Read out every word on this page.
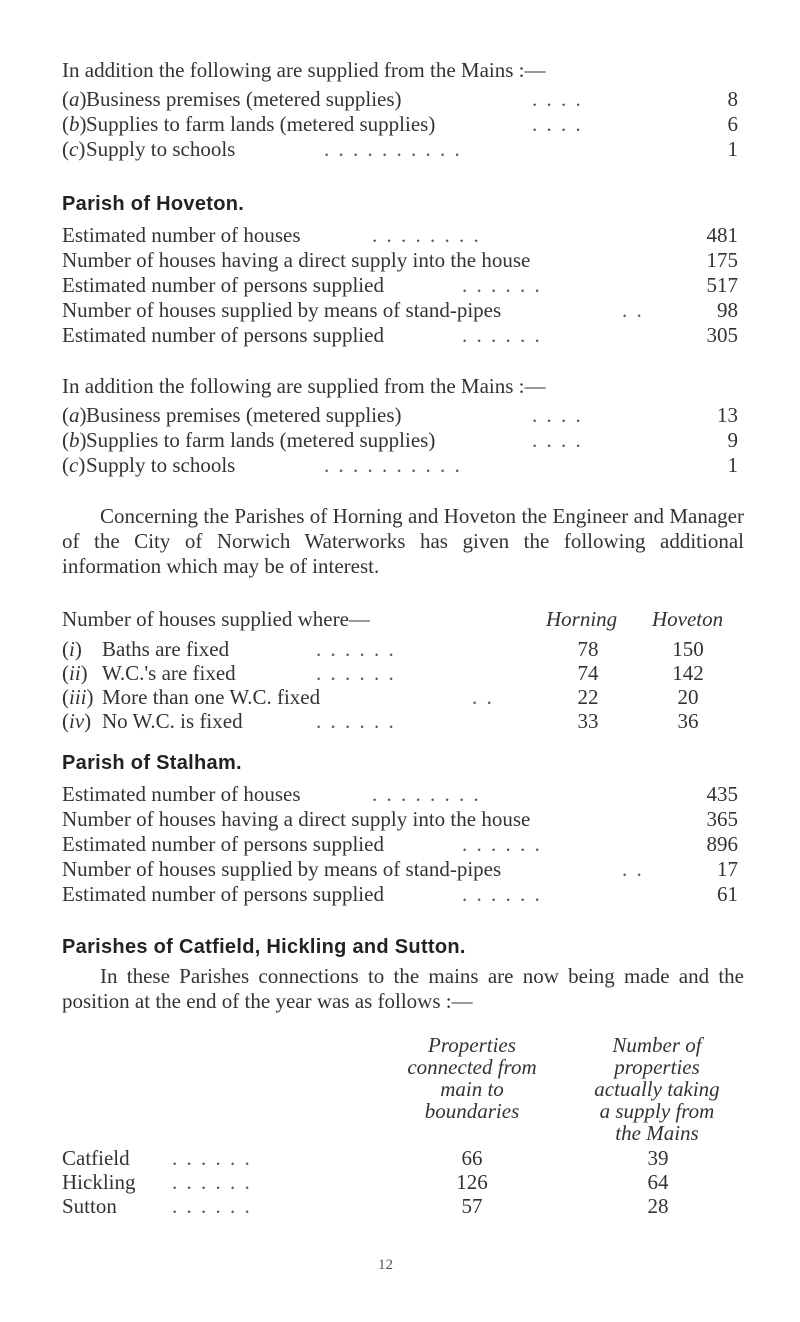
In addition the following are supplied from the Mains :—

(a)Business premises (metered supplies)	. . . .	8
(b)Supplies to farm lands (metered supplies)	. . . .	6
(c)Supply to schools	. . . . . . . . . .	1

Parish of Hoveton.

Estimated number of houses	. . . . . . . .	481
Number of houses having a direct supply into the house	175
Estimated number of persons supplied	. . . . . .	517
Number of houses supplied by means of stand-pipes	. .	98
Estimated number of persons supplied	. . . . . .	305

In addition the following are supplied from the Mains :—

(a)Business premises (metered supplies)	. . . .	13
(b)Supplies to farm lands (metered supplies)	. . . .	9
(c)Supply to schools	. . . . . . . . . .	1

Concerning the Parishes of Horning and Hoveton the Engineer and Manager of the City of Norwich Waterworks has given the following additional information which may be of interest.

Number of houses supplied where—	Horning Hoveton
(i) Baths are fixed	. . . . . .	78	150
(ii) W.C.'s are fixed	. . . . . .	74	142
(iii) More than one W.C. fixed	. .	22	20
(iv) No W.C. is fixed	. . . . . .	33	36

Parish of Stalham.

Estimated number of houses	. . . . . . . .	435
Number of houses having a direct supply into the house	365
Estimated number of persons supplied	. . . . . .	896
Number of houses supplied by means of stand-pipes	. .	17
Estimated number of persons supplied	. . . . . .	61

Parishes of Catfield, Hickling and Sutton.

In these Parishes connections to the mains are now being made and the position at the end of the year was as follows :—

Properties
connected from
main to
boundaries
Number of
properties
actually taking
a supply from
the Mains
Catfield . . . . . .	66	39
Hickling . . . . . .	126	64
Sutton	. . . . . .	57	28
12
